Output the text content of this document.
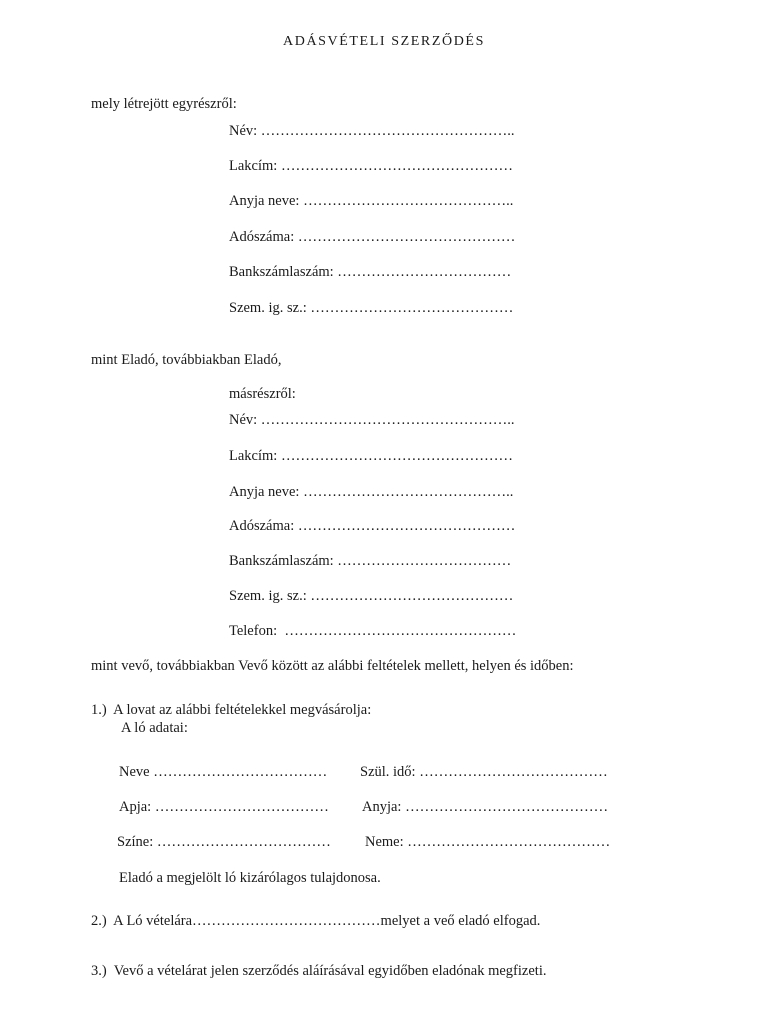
ADÁSVÉTELI SZERZŐDÉS
mely létrejött egyrészről:
Név: ……………………………………………..
Lakcím: …………………………………………
Anyja neve: ……………………………………..
Adószáma: ………………………………………
Bankszámlaszám: ………………………………
Szem. ig. sz.: ……………………………………
mint Eladó, továbbiakban Eladó,
másrészről:
Név: ……………………………………………..
Lakcím: …………………………………………
Anyja neve: ……………………………………..
Adószáma: ………………………………………
Bankszámlaszám: ………………………………
Szem. ig. sz.: ……………………………………
Telefon:  …………………………………………
mint vevő, továbbiakban Vevő között az alábbi feltételek mellett, helyen és időben:
1.)  A lovat az alábbi feltételekkel megvásárolja:
A ló adatai:
Neve ……………………………… Szül. idő: …………………………………
Apja: ……………………………… Anyja: ……………………………………
Színe: ……………………………… Neme: ……………………………………
Eladó a megjelölt ló kizárólagos tulajdonosa.
2.)  A Ló vételára…………………………………melyet a veő eladó elfogad.
3.)  Vevő a vételárat jelen szerződés aláírásával egyidőben eladónak megfizeti.
